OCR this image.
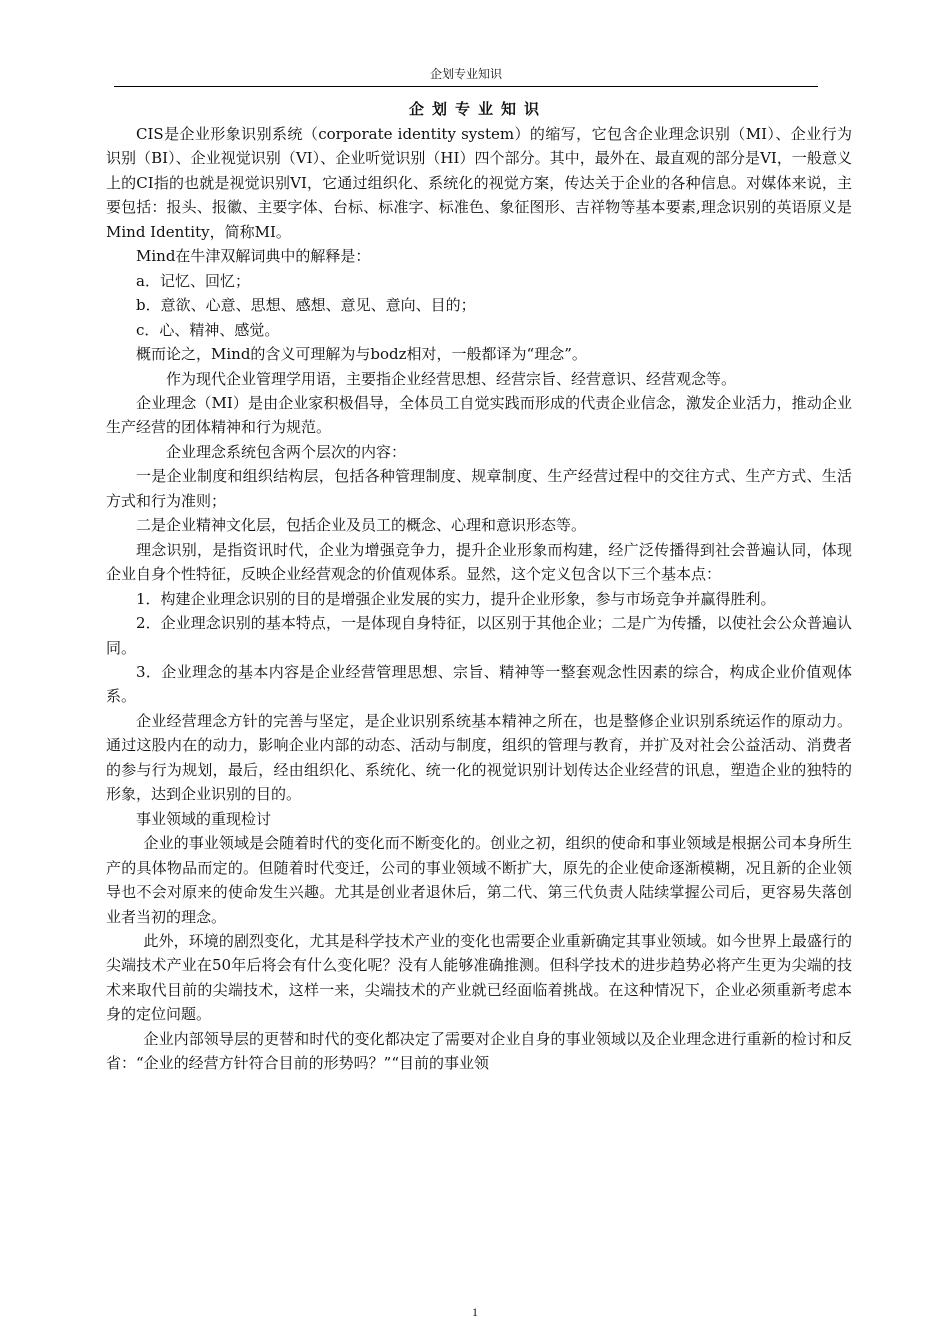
企划专业知识
企划专业知识

CIS是企业形象识别系统（corporate identity system）的缩写，它包含企业理念识别（MI）、企业行为识别（BI）、企业视觉识别（VI）、企业听觉识别（HI）四个部分。其中，最外在、最直观的部分是VI，一般意义上的CI指的也就是视觉识别VI，它通过组织化、系统化的视觉方案，传达关于企业的各种信息。对媒体来说，主要包括：报头、报徽、主要字体、台标、标准字、标准色、象征图形、吉祥物等基本要素,理念识别的英语原义是Mind Identity，简称MI。

Mind在牛津双解词典中的解释是：

a．记忆、回忆；

b．意欲、心意、思想、感想、意见、意向、目的；

c．心、精神、感觉。

概而论之，Mind的含义可理解为与bodz相对，一般都译为“理念”。

作为现代企业管理学用语，主要指企业经营思想、经营宗旨、经营意识、经营观念等。

企业理念（MI）是由企业家积极倡导，全体员工自觉实践而形成的代责企业信念，激发企业活力，推动企业生产经营的团体精神和行为规范。

企业理念系统包含两个层次的内容：

一是企业制度和组织结构层，包括各种管理制度、规章制度、生产经营过程中的交往方式、生产方式、生活方式和行为准则；

二是企业精神文化层，包括企业及员工的概念、心理和意识形态等。

理念识别，是指资讯时代，企业为增强竞争力，提升企业形象而构建，经广泛传播得到社会普遍认同，体现企业自身个性特征，反映企业经营观念的价值观体系。显然，这个定义包含以下三个基本点：

1．构建企业理念识别的目的是增强企业发展的实力，提升企业形象，参与市场竞争并赢得胜利。

2．企业理念识别的基本特点，一是体现自身特征，以区别于其他企业；二是广为传播，以使社会公众普遍认同。

3．企业理念的基本内容是企业经营管理思想、宗旨、精神等一整套观念性因素的综合，构成企业价值观体系。

企业经营理念方针的完善与坚定，是企业识别系统基本精神之所在，也是整修企业识别系统运作的原动力。通过这股内在的动力，影响企业内部的动态、活动与制度，组织的管理与教育，并扩及对社会公益活动、消费者的参与行为规划，最后，经由组织化、系统化、统一化的视觉识别计划传达企业经营的讯息，塑造企业的独特的形象，达到企业识别的目的。

事业领域的重现检讨

企业的事业领域是会随着时代的变化而不断变化的。创业之初，组织的使命和事业领域是根据公司本身所生产的具体物品而定的。但随着时代变迁，公司的事业领域不断扩大，原先的企业使命逐渐模糊，况且新的企业领导也不会对原来的使命发生兴趣。尤其是创业者退休后，第二代、第三代负责人陆续掌握公司后，更容易失落创业者当初的理念。

此外，环境的剧烈变化，尤其是科学技术产业的变化也需要企业重新确定其事业领域。如今世界上最盛行的尖端技术产业在50年后将会有什么变化呢？没有人能够准确推测。但科学技术的进步趋势必将产生更为尖端的技术来取代目前的尖端技术，这样一来，尖端技术的产业就已经面临着挑战。在这种情况下，企业必须重新考虑本身的定位问题。

企业内部领导层的更替和时代的变化都决定了需要对企业自身的事业领域以及企业理念进行重新的检讨和反省：“企业的经营方针符合目前的形势吗？”“目前的事业领

1
